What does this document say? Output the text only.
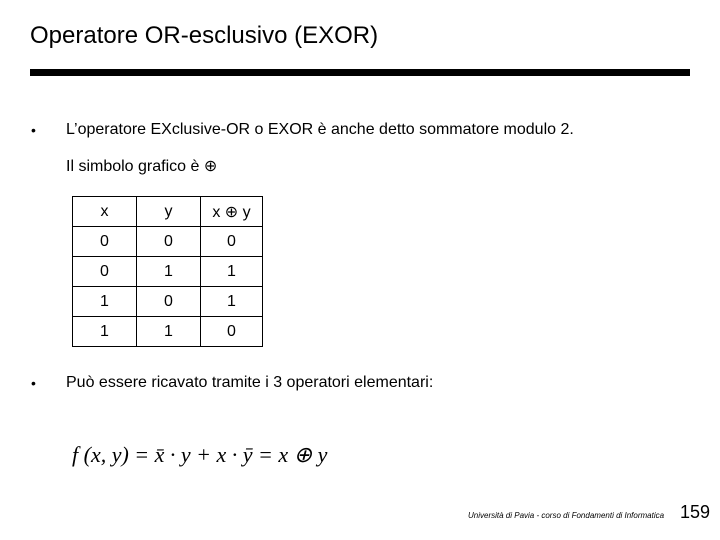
Operatore OR-esclusivo (EXOR)
• L’operatore EXclusive-OR o EXOR è anche detto sommatore modulo 2.
Il simbolo grafico è ⊕
x	y	x ⊕ y
0	0	0
0	1	1
1	0	1
1	1	0
• Può essere ricavato tramite i 3 operatori elementari:
f (x, y) = x̄ · y + x · ȳ = x ⊕ y
Università di Pavia - corso di Fondamenti di Informatica 159
